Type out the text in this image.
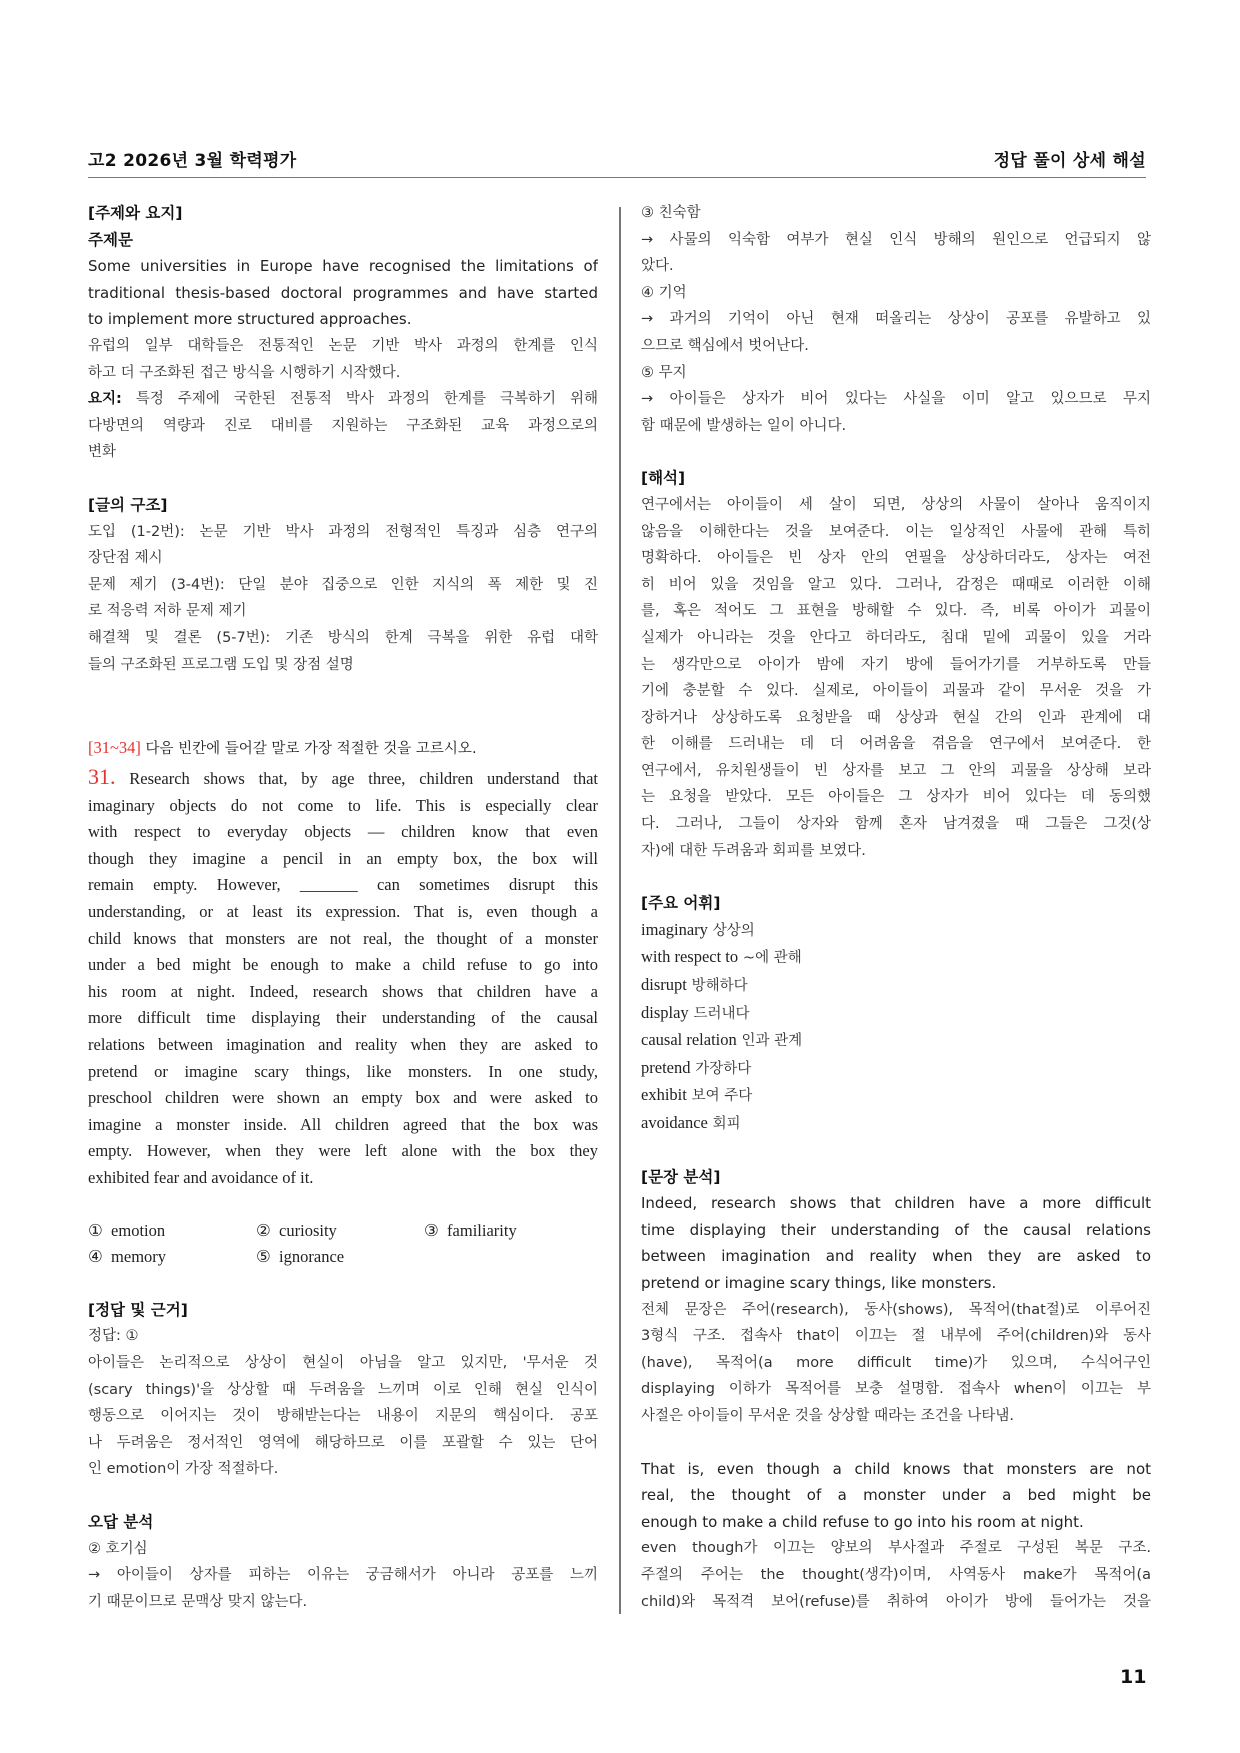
고2 2026년 3월 학력평가	정답 풀이 상세 해설
[주제와 요지]
주제문
Some universities in Europe have recognised the limitations of
traditional thesis-based doctoral programmes and have started
to implement more structured approaches.
유럽의 일부 대학들은 전통적인 논문 기반 박사 과정의 한계를 인식
하고 더 구조화된 접근 방식을 시행하기 시작했다.
요지: 특정 주제에 국한된 전통적 박사 과정의 한계를 극복하기 위해
다방면의 역량과 진로 대비를 지원하는 구조화된 교육 과정으로의
변화
[글의 구조]
도입 (1-2번): 논문 기반 박사 과정의 전형적인 특징과 심층 연구의
장단점 제시
문제 제기 (3-4번): 단일 분야 집중으로 인한 지식의 폭 제한 및 진
로 적응력 저하 문제 제기
해결책 및 결론 (5-7번): 기존 방식의 한계 극복을 위한 유럽 대학
들의 구조화된 프로그램 도입 및 장점 설명
[31~34] 다음 빈칸에 들어갈 말로 가장 적절한 것을 고르시오.
31. Research shows that, by age three, children understand that
imaginary objects do not come to life. This is especially clear
with respect to everyday objects — children know that even
though they imagine a pencil in an empty box, the box will
remain empty. However, _______ can sometimes disrupt this
understanding, or at least its expression. That is, even though a
child knows that monsters are not real, the thought of a monster
under a bed might be enough to make a child refuse to go into
his room at night. Indeed, research shows that children have a
more difficult time displaying their understanding of the causal
relations between imagination and reality when they are asked to
pretend or imagine scary things, like monsters. In one study,
preschool children were shown an empty box and were asked to
imagine a monster inside. All children agreed that the box was
empty. However, when they were left alone with the box they
exhibited fear and avoidance of it.
① emotion	② curiosity	③ familiarity
④ memory	⑤ ignorance
[정답 및 근거]
정답: ①
아이들은 논리적으로 상상이 현실이 아님을 알고 있지만, '무서운 것
(scary things)'을 상상할 때 두려움을 느끼며 이로 인해 현실 인식이
행동으로 이어지는 것이 방해받는다는 내용이 지문의 핵심이다. 공포
나 두려움은 정서적인 영역에 해당하므로 이를 포괄할 수 있는 단어
인 emotion이 가장 적절하다.
오답 분석
② 호기심
→ 아이들이 상자를 피하는 이유는 궁금해서가 아니라 공포를 느끼
기 때문이므로 문맥상 맞지 않는다.
③ 친숙함
→ 사물의 익숙함 여부가 현실 인식 방해의 원인으로 언급되지 않
았다.
④ 기억
→ 과거의 기억이 아닌 현재 떠올리는 상상이 공포를 유발하고 있
으므로 핵심에서 벗어난다.
⑤ 무지
→ 아이들은 상자가 비어 있다는 사실을 이미 알고 있으므로 무지
함 때문에 발생하는 일이 아니다.
[해석]
연구에서는 아이들이 세 살이 되면, 상상의 사물이 살아나 움직이지
않음을 이해한다는 것을 보여준다. 이는 일상적인 사물에 관해 특히
명확하다. 아이들은 빈 상자 안의 연필을 상상하더라도, 상자는 여전
히 비어 있을 것임을 알고 있다. 그러나, 감정은 때때로 이러한 이해
를, 혹은 적어도 그 표현을 방해할 수 있다. 즉, 비록 아이가 괴물이
실제가 아니라는 것을 안다고 하더라도, 침대 밑에 괴물이 있을 거라
는 생각만으로 아이가 밤에 자기 방에 들어가기를 거부하도록 만들
기에 충분할 수 있다. 실제로, 아이들이 괴물과 같이 무서운 것을 가
장하거나 상상하도록 요청받을 때 상상과 현실 간의 인과 관계에 대
한 이해를 드러내는 데 더 어려움을 겪음을 연구에서 보여준다. 한
연구에서, 유치원생들이 빈 상자를 보고 그 안의 괴물을 상상해 보라
는 요청을 받았다. 모든 아이들은 그 상자가 비어 있다는 데 동의했
다. 그러나, 그들이 상자와 함께 혼자 남겨졌을 때 그들은 그것(상
자)에 대한 두려움과 회피를 보였다.
[주요 어휘]
imaginary 상상의
with respect to ~에 관해
disrupt 방해하다
display 드러내다
causal relation 인과 관계
pretend 가장하다
exhibit 보여 주다
avoidance 회피
[문장 분석]
Indeed, research shows that children have a more difficult
time displaying their understanding of the causal relations
between imagination and reality when they are asked to
pretend or imagine scary things, like monsters.
전체 문장은 주어(research), 동사(shows), 목적어(that절)로 이루어진
3형식 구조. 접속사 that이 이끄는 절 내부에 주어(children)와 동사
(have), 목적어(a more difficult time)가 있으며, 수식어구인
displaying 이하가 목적어를 보충 설명함. 접속사 when이 이끄는 부
사절은 아이들이 무서운 것을 상상할 때라는 조건을 나타냄.
That is, even though a child knows that monsters are not
real, the thought of a monster under a bed might be
enough to make a child refuse to go into his room at night.
even though가 이끄는 양보의 부사절과 주절로 구성된 복문 구조.
주절의 주어는 the thought(생각)이며, 사역동사 make가 목적어(a
child)와 목적격 보어(refuse)를 취하여 아이가 방에 들어가는 것을
11
